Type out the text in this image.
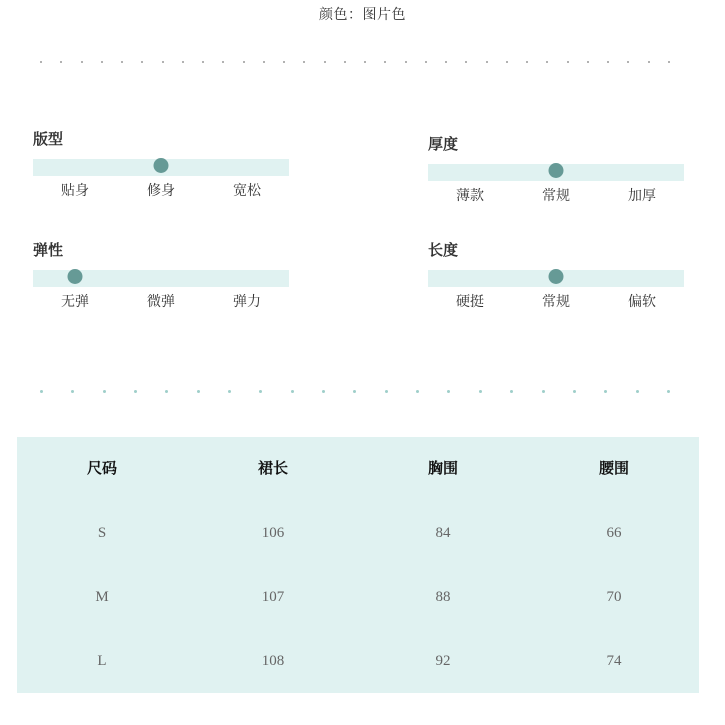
颜色：图片色
版型
贴身	修身	宽松
厚度
薄款	常规	加厚
弹性
无弹	微弹	弹力
长度
硬挺	常规	偏软
尺码	裙长	胸围	腰围
S	106	84	66
M	107	88	70
L	108	92	74
